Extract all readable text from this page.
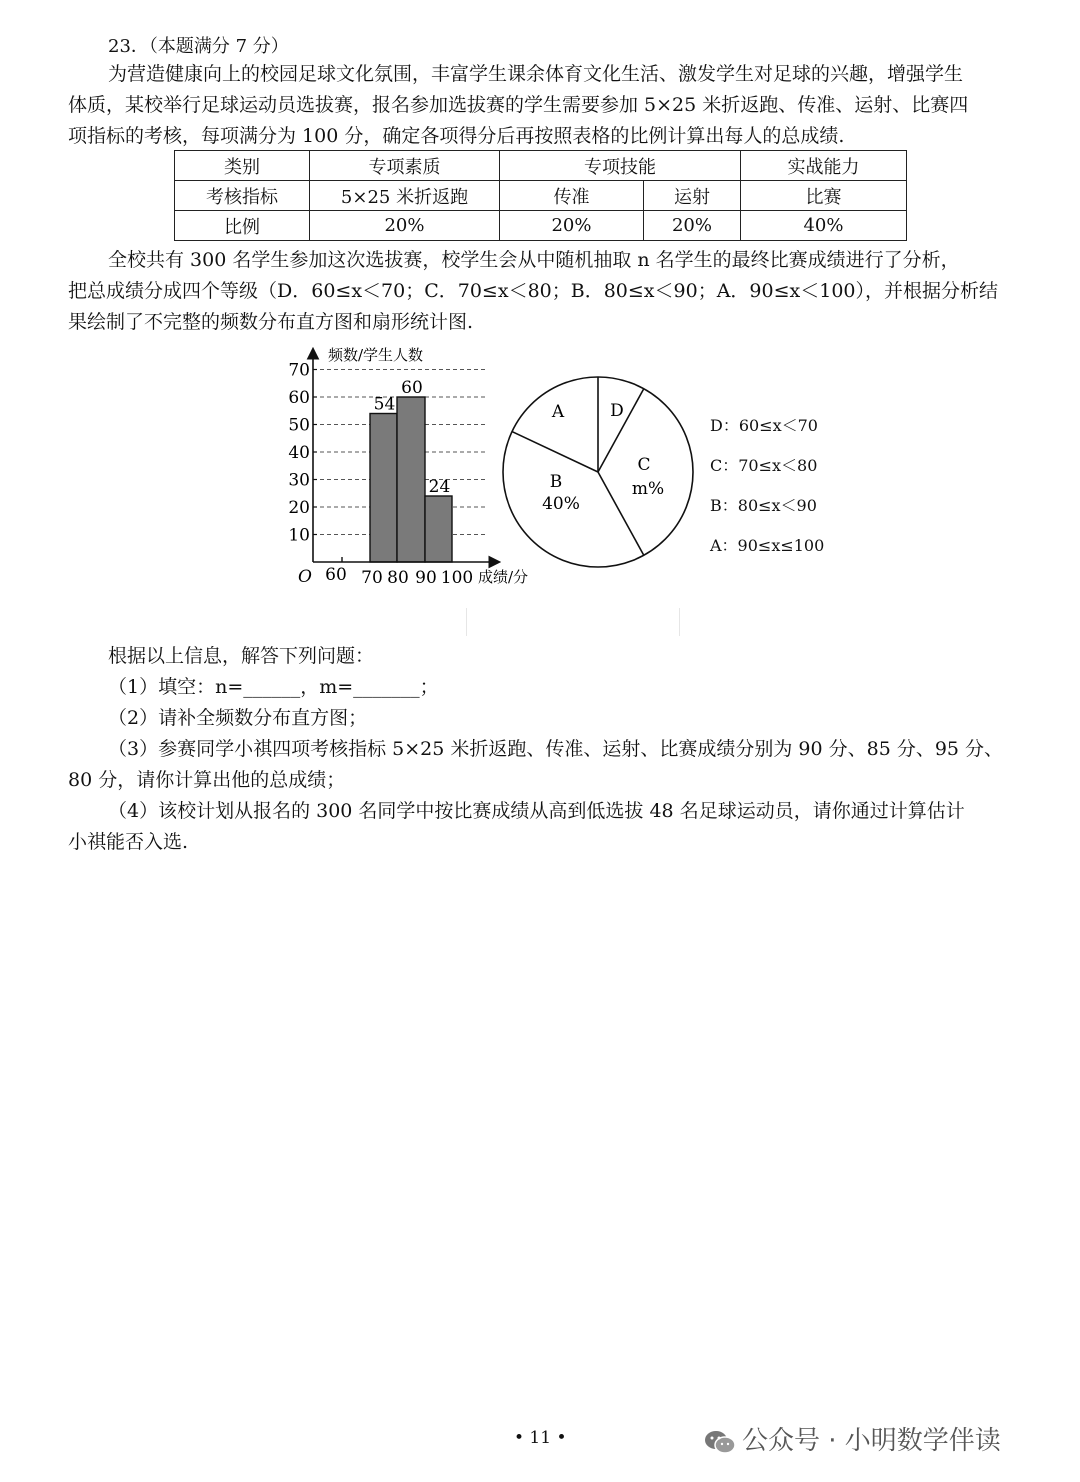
23．（本题满分 7 分）
为营造健康向上的校园足球文化氛围，丰富学生课余体育文化生活、激发学生对足球的兴趣，增强学生
体质，某校举行足球运动员选拔赛，报名参加选拔赛的学生需要参加 5×25 米折返跑、传准、运射、比赛四
项指标的考核，每项满分为 100 分，确定各项得分后再按照表格的比例计算出每人的总成绩.
类别	专项素质	专项技能		实战能力
考核指标	5×25 米折返跑	传准	运射	比赛
比例	20%	20%	20%	40%
全校共有 300 名学生参加这次选拔赛，校学生会从中随机抽取 n 名学生的最终比赛成绩进行了分析，
把总成绩分成四个等级（D．60≤x＜70；C．70≤x＜80；B．80≤x＜90；A．90≤x＜100），并根据分析结
果绘制了不完整的频数分布直方图和扇形统计图.
频数/学生人数
成绩/分
O
10
20
30
40
50
60
70
60 70 80 90 100
54
60
24
A	D
C
m%
B
40%
D：60≤x＜70
C：70≤x＜80
B：80≤x＜90
A：90≤x≤100
根据以上信息，解答下列问题：
（1）填空：n=______，m=_______；
（2）请补全频数分布直方图；
（3）参赛同学小祺四项考核指标 5×25 米折返跑、传准、运射、比赛成绩分别为 90 分、85 分、95 分、
80 分，请你计算出他的总成绩；
（4）该校计划从报名的 300 名同学中按比赛成绩从高到低选拔 48 名足球运动员，请你通过计算估计
小祺能否入选.
• 11 •	公众号 · 小明数学伴读
